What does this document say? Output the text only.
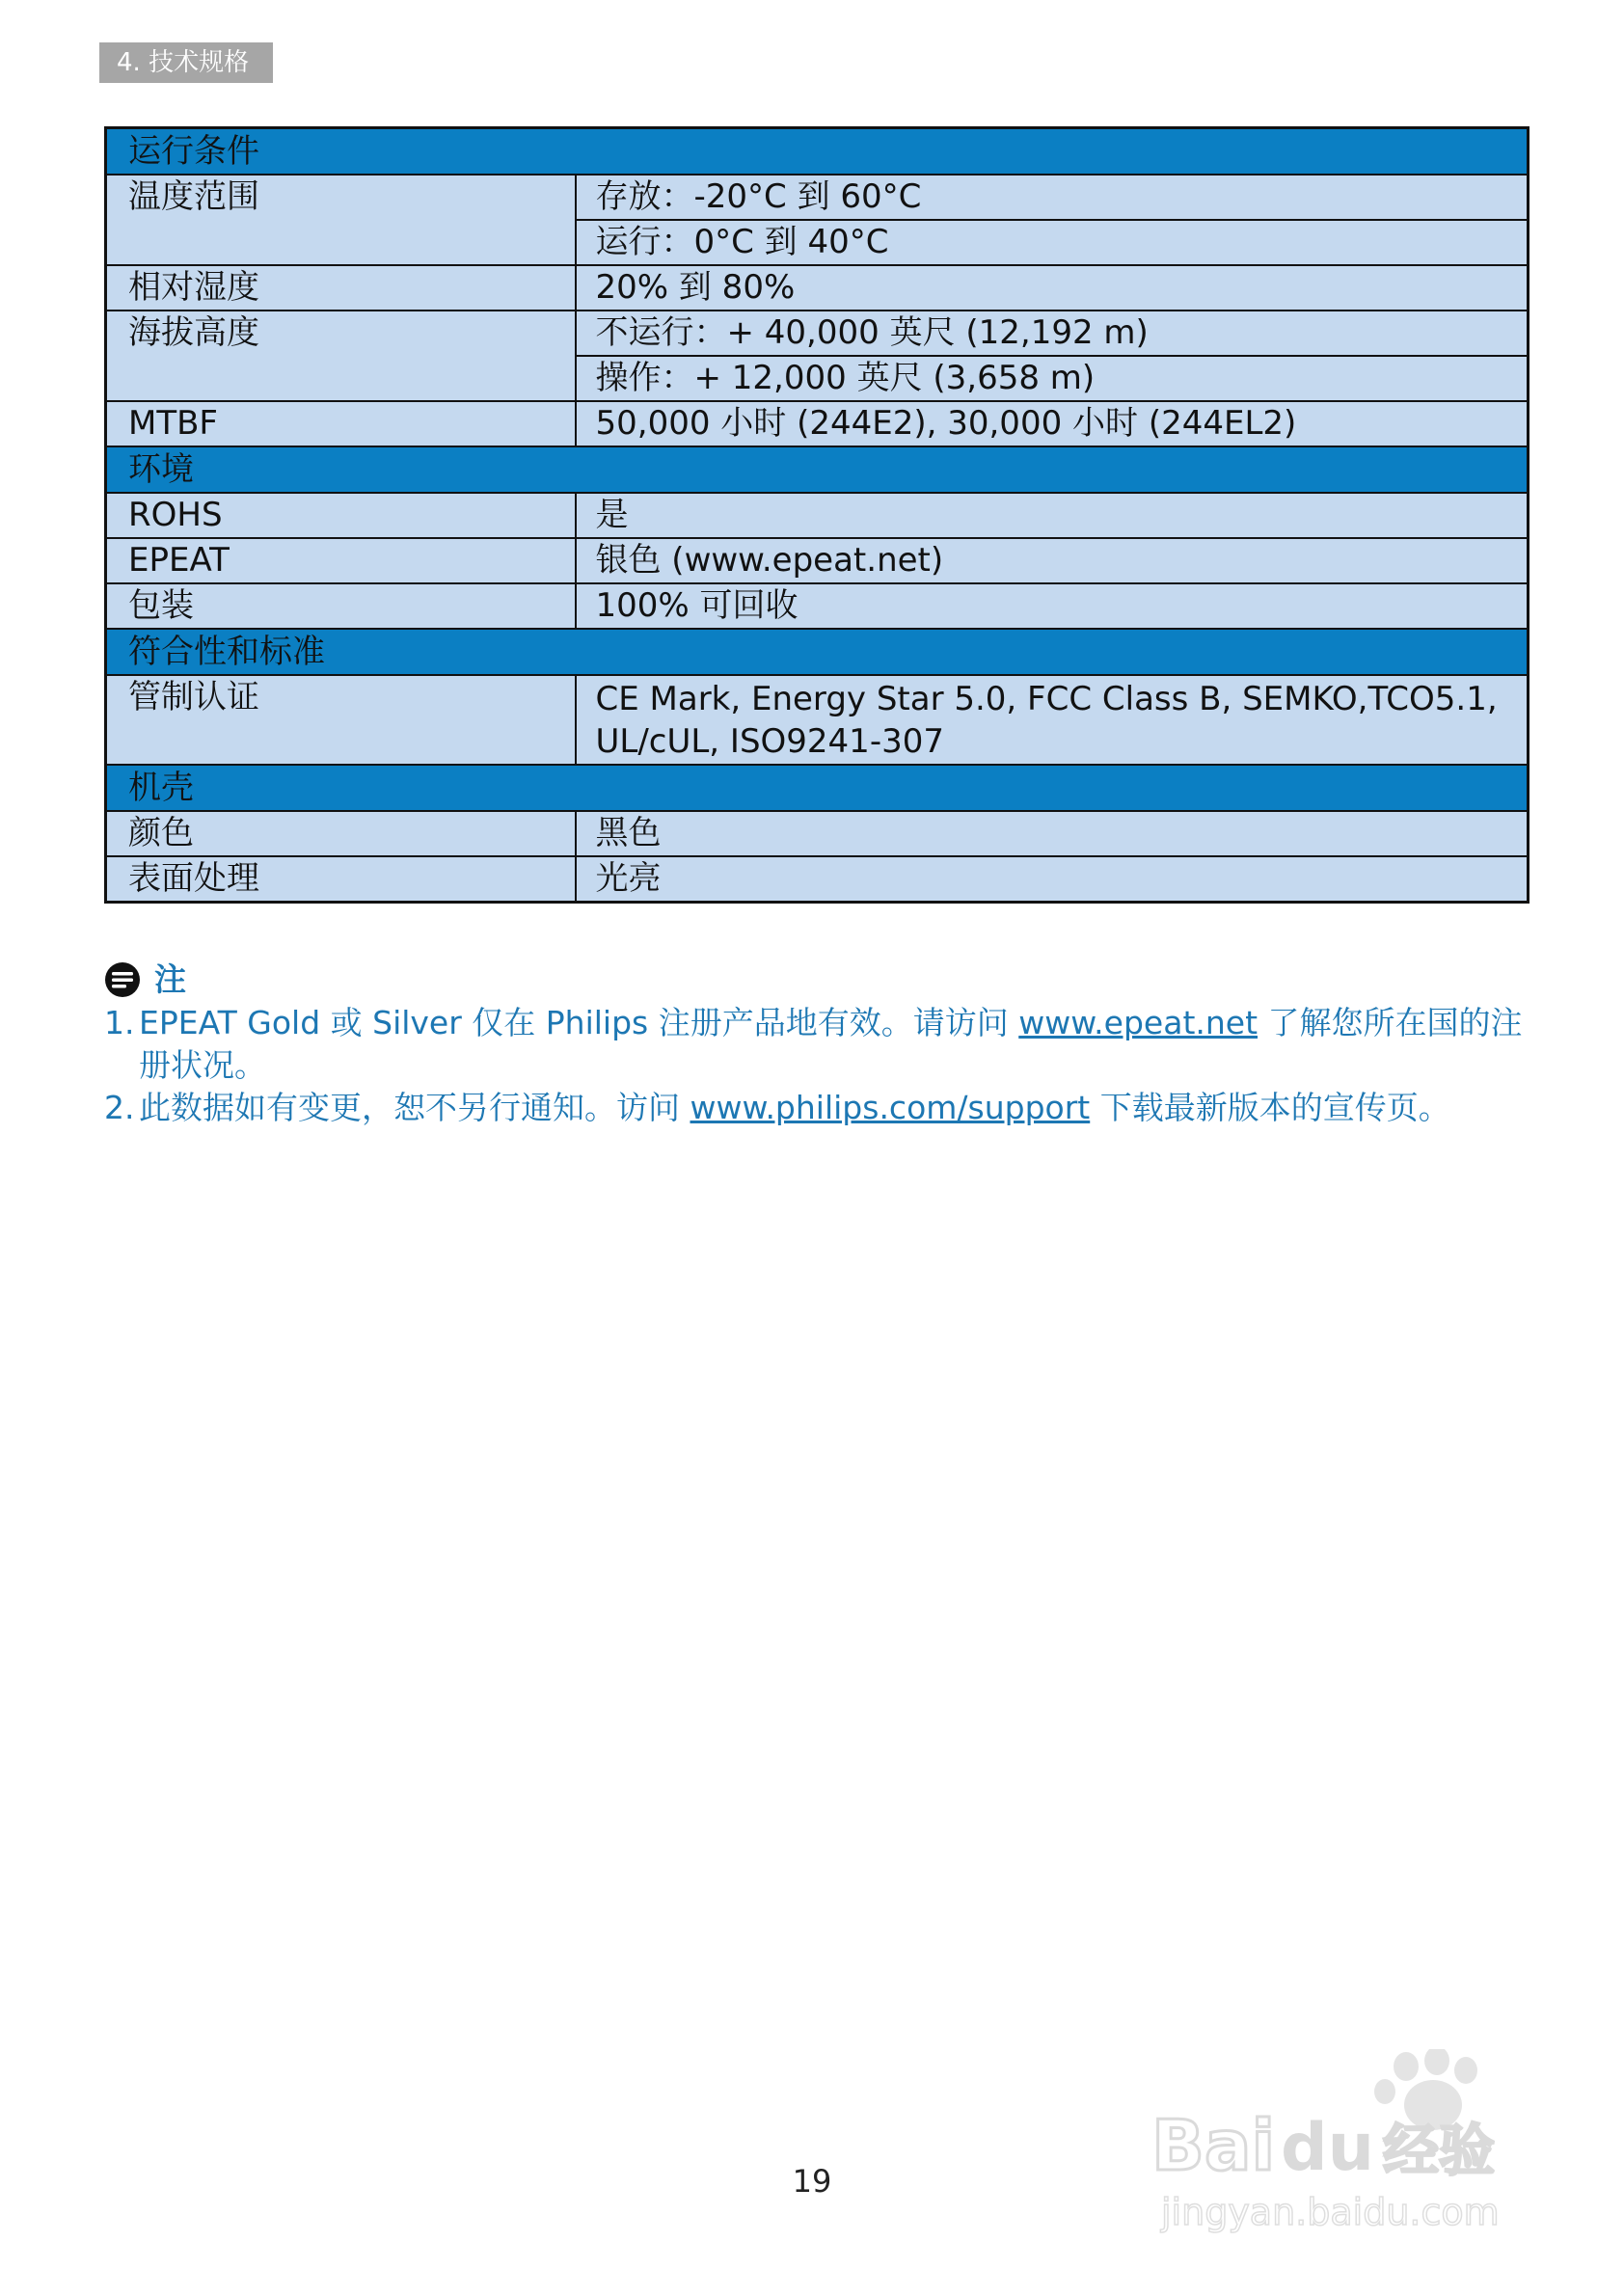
4. 技术规格
运行条件	
温度范围	存放：-20°C 到 60°C
	运行：0°C 到 40°C
相对湿度	20% 到 80%
海拔高度	不运行：+ 40,000 英尺 (12,192 m)
	操作：+ 12,000 英尺 (3,658 m)
MTBF	50,000 小时 (244E2), 30,000 小时 (244EL2)
环境	
ROHS	是
EPEAT	银色 (www.epeat.net)
包装	100% 可回收
符合性和标准	
管制认证	CE Mark, Energy Star 5.0, FCC Class B, SEMKO,TCO5.1, UL/cUL, ISO9241-307
机壳	
颜色	黑色
表面处理	光亮
注
1. EPEAT Gold 或 Silver 仅在 Philips 注册产品地有效。请访问 www.epeat.net 了解您所在国的注册状况。
2. 此数据如有变更，恕不另行通知。访问 www.philips.com/support 下载最新版本的宣传页。
19	Bai du 经验
jingyan.baidu.com
